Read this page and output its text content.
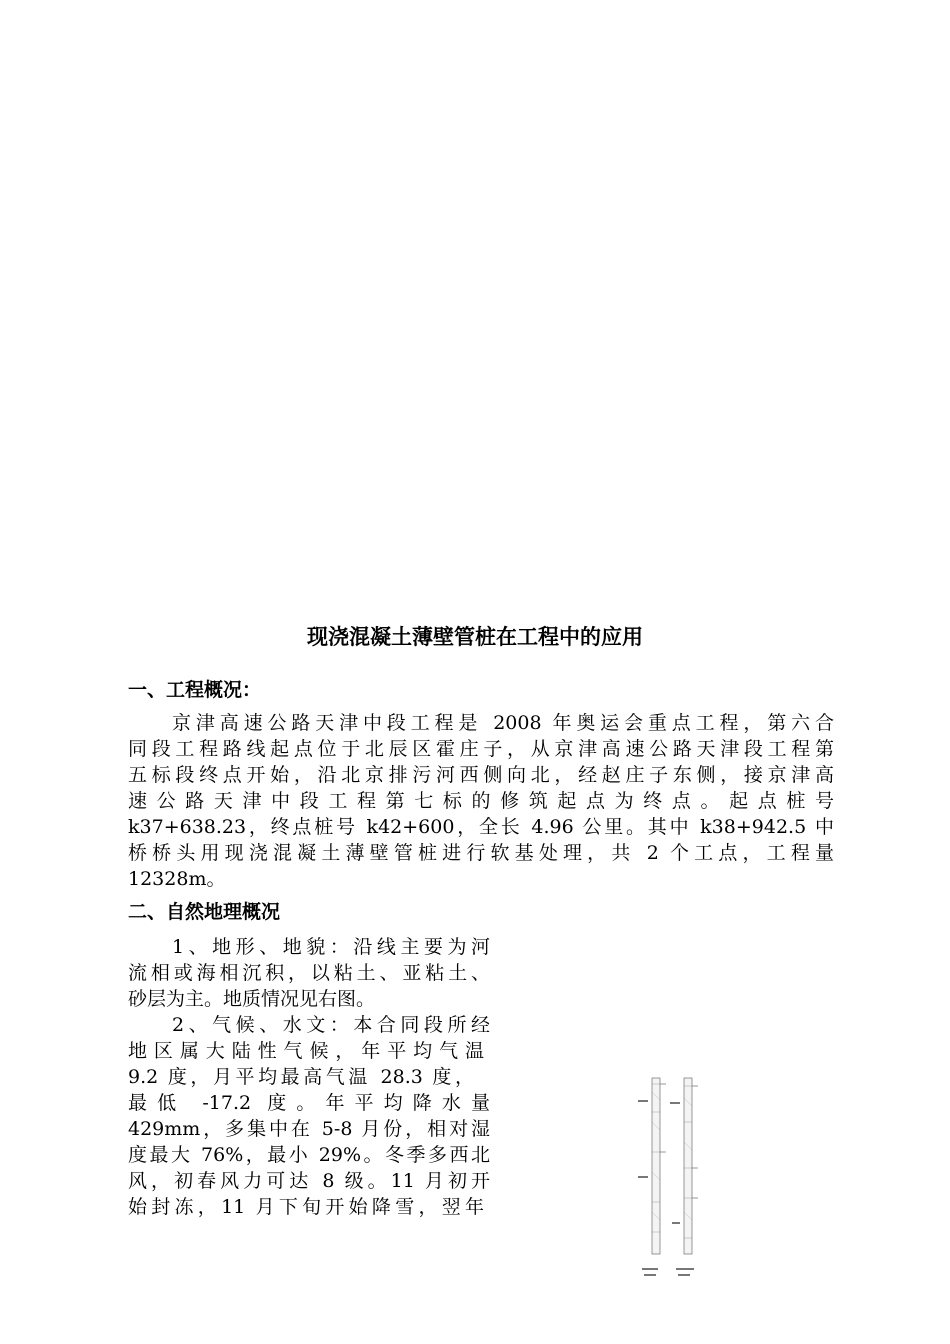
现浇混凝土薄壁管桩在工程中的应用
一、工程概况：
京津高速公路天津中段工程是 2008 年奥运会重点工程，第六合
同段工程路线起点位于北辰区霍庄子，从京津高速公路天津段工程第
五标段终点开始，沿北京排污河西侧向北，经赵庄子东侧，接京津高
速公路天津中段工程第七标的修筑起点为终点。起点桩号
k37+638.23，终点桩号 k42+600，全长 4.96 公里。其中 k38+942.5 中
桥桥头用现浇混凝土薄壁管桩进行软基处理，共 2 个工点，工程量
12328m。
二、自然地理概况
1、地形、地貌：沿线主要为河
流相或海相沉积，以粘土、亚粘土、
砂层为主。地质情况见右图。
2、气候、水文：本合同段所经
地区属大陆性气候，年平均气温
9.2 度，月平均最高气温 28.3 度，
最低 -17.2 度。年平均降水量
429mm，多集中在 5-8 月份，相对湿
度最大 76%，最小 29%。冬季多西北
风，初春风力可达 8 级。11 月初开
始封冻，11 月下旬开始降雪，翌年
